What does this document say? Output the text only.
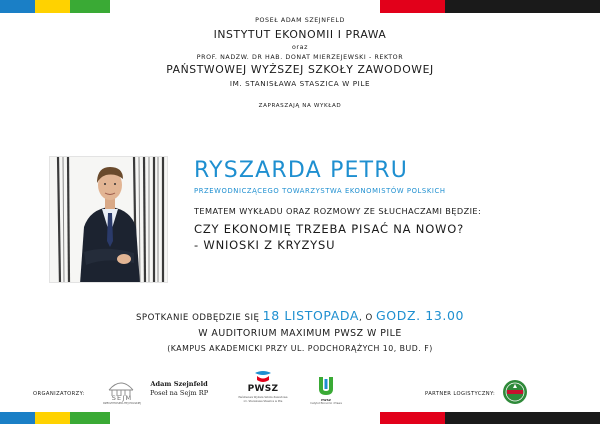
POSEŁ ADAM SZEJNFELD
INSTYTUT EKONOMII I PRAWA
oraz
PROF. NADZW. DR HAB. DONAT MIERZEJEWSKI - REKTOR
PAŃSTWOWEJ WYŻSZEJ SZKOŁY ZAWODOWEJ
IM. STANISŁAWA STASZICA W PILE
ZAPRASZAJĄ NA WYKŁAD
RYSZARDA PETRU
PRZEWODNICZĄCEGO TOWARZYSTWA EKONOMISTÓW POLSKICH
TEMATEM WYKŁADU ORAZ ROZMOWY ZE SŁUCHACZAMI BĘDZIE:
CZY EKONOMIĘ TRZEBA PISAĆ NA NOWO?
- WNIOSKI Z KRYZYSU
SPOTKANIE ODBĘDZIE SIĘ 18 LISTOPADA, O GODZ. 13.00
W AUDITORIUM MAXIMUM PWSZ W PILE
(KAMPUS AKADEMICKI PRZY UL. PODCHORĄŻYCH 10, BUD. F)
ORGANIZATORZY:	SEJM
RZECZYPOSPOLITEJ POLSKIEJ
Adam Szejnfeld
Poseł na Sejm RP	PWSZ
Państwowa Wyższa Szkoła Zawodowa
im. Stanisława Staszica w Pile	PWSZ
Instytut Ekonomii i Prawa
PARTNER LOGISTYCZNY:
